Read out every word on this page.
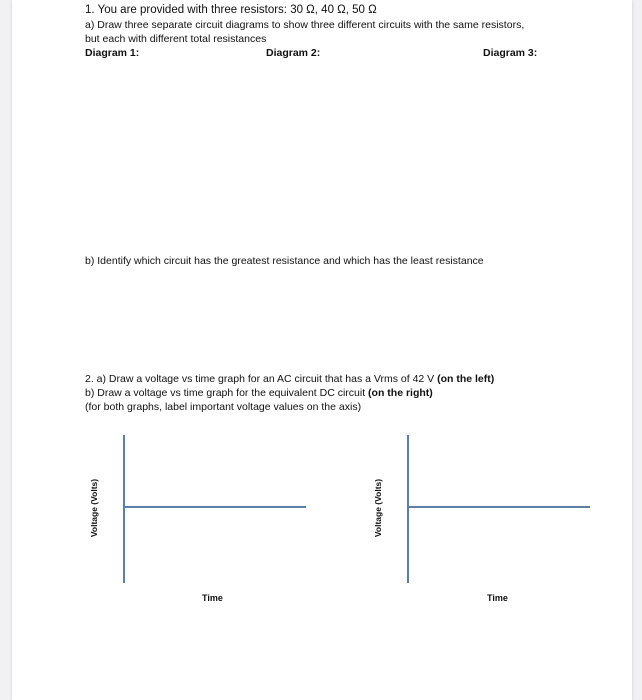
1. You are provided with three resistors: 30 Ω, 40 Ω, 50 Ω
a) Draw three separate circuit diagrams to show three different circuits with the same resistors,
but each with different total resistances
Diagram 1:	Diagram 2:	Diagram 3:
b) Identify which circuit has the greatest resistance and which has the least resistance
2. a) Draw a voltage vs time graph for an AC circuit that has a Vrms of 42 V (on the left)
b) Draw a voltage vs time graph for the equivalent DC circuit (on the right)
(for both graphs, label important voltage values on the axis)
Voltage (Volts)
Time
Voltage (Volts)
Time
